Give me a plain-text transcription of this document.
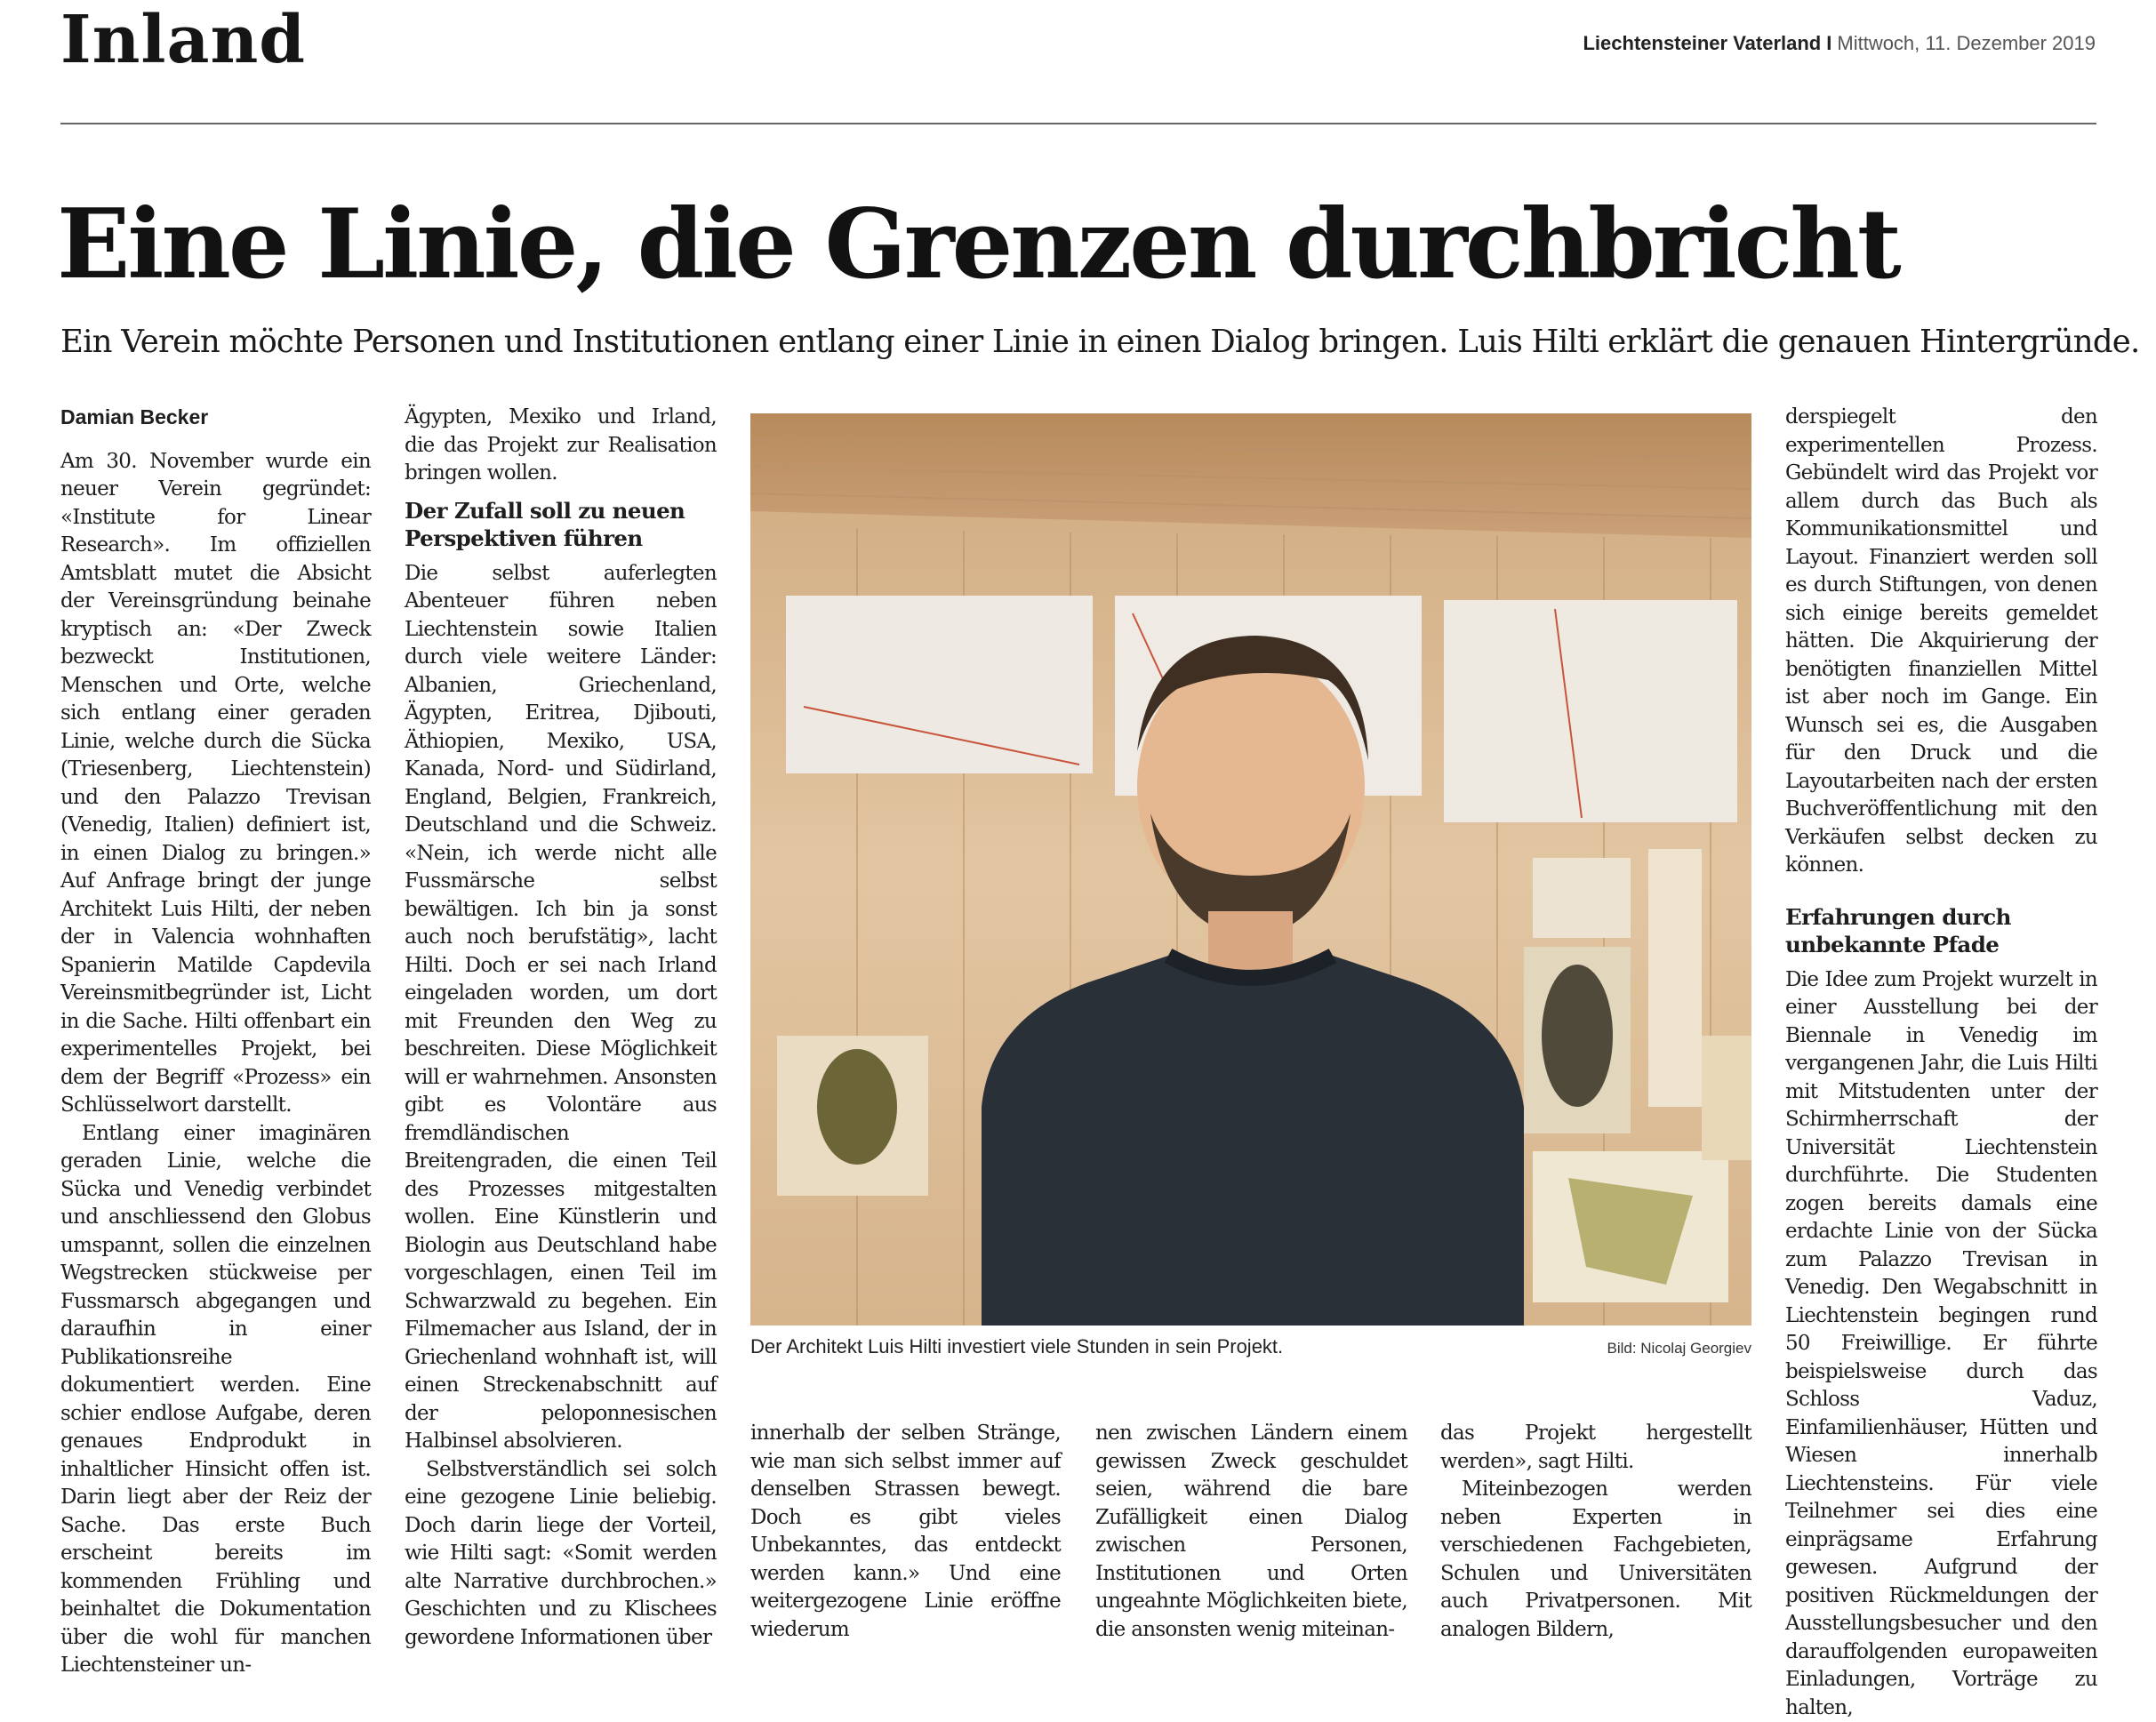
Inland	Liechtensteiner Vaterland I Mittwoch, 11. Dezember 2019
Eine Linie, die Grenzen durchbricht
Ein Verein möchte Personen und Institutionen entlang einer Linie in einen Dialog bringen. Luis Hilti erklärt die genauen Hintergründe.
Damian Becker

Am 30. November wurde ein neuer Verein gegründet: «Institute for Linear Research». Im offiziellen Amtsblatt mutet die Absicht der Vereinsgründung beinahe kryptisch an: «Der Zweck bezweckt Institutionen, Menschen und Orte, welche sich entlang einer geraden Linie, welche durch die Sücka (Triesenberg, Liechtenstein) und den Palazzo Trevisan (Venedig, Italien) definiert ist, in einen Dialog zu bringen.» Auf Anfrage bringt der junge Architekt Luis Hilti, der neben der in Valencia wohnhaften Spanierin Matilde Capdevila Vereinsmitbegründer ist, Licht in die Sache. Hilti offenbart ein experimentelles Projekt, bei dem der Begriff «Prozess» ein Schlüsselwort darstellt.

Entlang einer imaginären geraden Linie, welche die Sücka und Venedig verbindet und anschliessend den Globus umspannt, sollen die einzelnen Wegstrecken stückweise per Fussmarsch abgegangen und daraufhin in einer Publikationsreihe dokumentiert werden. Eine schier endlose Aufgabe, deren genaues Endprodukt in inhaltlicher Hinsicht offen ist. Darin liegt aber der Reiz der Sache. Das erste Buch erscheint bereits im kommenden Frühling und beinhaltet die Dokumentation über die wohl für manchen Liechtensteiner un-

Ägypten, Mexiko und Irland, die das Projekt zur Realisation bringen wollen.

Der Zufall soll zu neuen Perspektiven führen

Die selbst auferlegten Abenteuer führen neben Liechtenstein sowie Italien durch viele weitere Länder: Albanien, Griechenland, Ägypten, Eritrea, Djibouti, Äthiopien, Mexiko, USA, Kanada, Nord- und Südirland, England, Belgien, Frankreich, Deutschland und die Schweiz. «Nein, ich werde nicht alle Fussmärsche selbst bewältigen. Ich bin ja sonst auch noch berufstätig», lacht Hilti. Doch er sei nach Irland eingeladen worden, um dort mit Freunden den Weg zu beschreiten. Diese Möglichkeit will er wahrnehmen. Ansonsten gibt es Volontäre aus fremdländischen Breitengraden, die einen Teil des Prozesses mitgestalten wollen. Eine Künstlerin und Biologin aus Deutschland habe vorgeschlagen, einen Teil im Schwarzwald zu begehen. Ein Filmemacher aus Island, der in Griechenland wohnhaft ist, will einen Streckenabschnitt auf der peloponnesischen Halbinsel absolvieren.

Selbstverständlich sei solch eine gezogene Linie beliebig. Doch darin liege der Vorteil, wie Hilti sagt: «Somit werden alte Narrative durchbrochen.» Geschichten und zu Klischees gewordene Informationen über

Der Architekt Luis Hilti investiert viele Stunden in sein Projekt.	Bild: Nicolaj Georgiev

innerhalb der selben Stränge, wie man sich selbst immer auf denselben Strassen bewegt. Doch es gibt vieles Unbekanntes, das entdeckt werden kann.» Und eine weitergezogene Linie eröffne wiederum

nen zwischen Ländern einem gewissen Zweck geschuldet seien, während die bare Zufälligkeit einen Dialog zwischen Personen, Institutionen und Orten ungeahnte Möglichkeiten biete, die ansonsten wenig miteinan-

das Projekt hergestellt werden», sagt Hilti.

Miteinbezogen werden neben Experten in verschiedenen Fachgebieten, Schulen und Universitäten auch Privatpersonen. Mit analogen Bildern,

derspiegelt den experimentellen Prozess. Gebündelt wird das Projekt vor allem durch das Buch als Kommunikationsmittel und Layout. Finanziert werden soll es durch Stiftungen, von denen sich einige bereits gemeldet hätten. Die Akquirierung der benötigten finanziellen Mittel ist aber noch im Gange. Ein Wunsch sei es, die Ausgaben für den Druck und die Layoutarbeiten nach der ersten Buchveröffentlichung mit den Verkäufen selbst decken zu können.

Erfahrungen durch unbekannte Pfade

Die Idee zum Projekt wurzelt in einer Ausstellung bei der Biennale in Venedig im vergangenen Jahr, die Luis Hilti mit Mitstudenten unter der Schirmherrschaft der Universität Liechtenstein durchführte. Die Studenten zogen bereits damals eine erdachte Linie von der Sücka zum Palazzo Trevisan in Venedig. Den Wegabschnitt in Liechtenstein begingen rund 50 Freiwillige. Er führte beispielsweise durch das Schloss Vaduz, Einfamilienhäuser, Hütten und Wiesen innerhalb Liechtensteins. Für viele Teilnehmer sei dies eine einprägsame Erfahrung gewesen. Aufgrund der positiven Rückmeldungen der Ausstellungsbesucher und den darauffolgenden europaweiten Einladungen, Vorträge zu halten,
